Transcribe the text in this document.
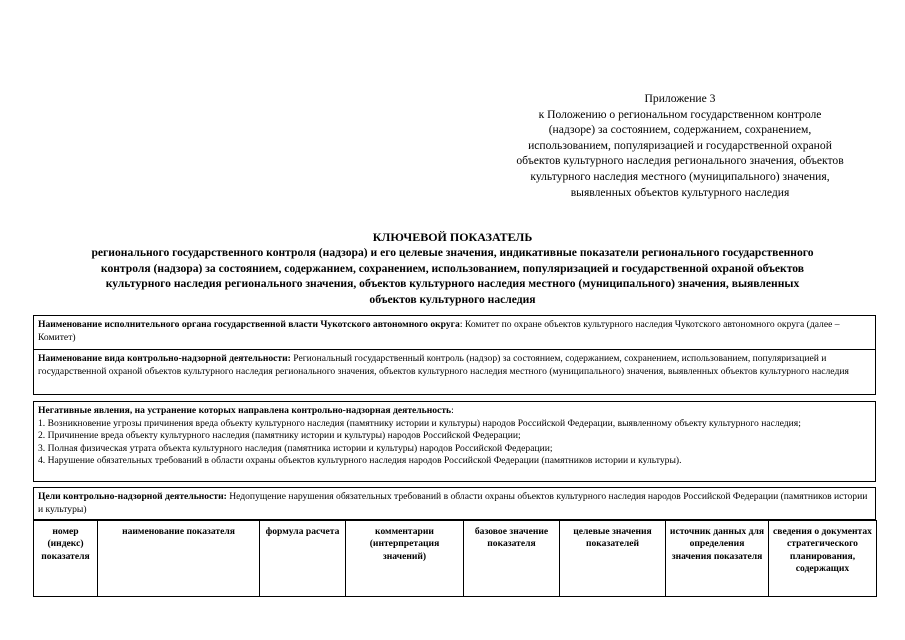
Приложение 3
к Положению о региональном государственном контроле
(надзоре) за состоянием, содержанием, сохранением,
использованием, популяризацией и государственной охраной
объектов культурного наследия регионального значения, объектов
культурного наследия местного (муниципального) значения,
выявленных объектов культурного наследия
КЛЮЧЕВОЙ ПОКАЗАТЕЛЬ
регионального государственного контроля (надзора) и его целевые значения, индикативные показатели регионального государственного
контроля (надзора) за состоянием, содержанием, сохранением, использованием, популяризацией и государственной охраной объектов
культурного наследия регионального значения, объектов культурного наследия местного (муниципального) значения, выявленных
объектов культурного наследия
Наименование исполнительного органа государственной власти Чукотского автономного округа: Комитет по охране объектов культурного наследия Чукотского автономного округа (далее – Комитет)
Наименование вида контрольно-надзорной деятельности: Региональный государственный контроль (надзор) за состоянием, содержанием, сохранением, использованием, популяризацией и государственной охраной объектов культурного наследия регионального значения, объектов культурного наследия местного (муниципального) значения, выявленных объектов культурного наследия
Негативные явления, на устранение которых направлена контрольно-надзорная деятельность:
1. Возникновение угрозы причинения вреда объекту культурного наследия (памятнику истории и культуры) народов Российской Федерации, выявленному объекту культурного наследия;
2. Причинение вреда объекту культурного наследия (памятнику истории и культуры) народов Российской Федерации;
3. Полная физическая утрата объекта культурного наследия (памятника истории и культуры) народов Российской Федерации;
4. Нарушение обязательных требований в области охраны объектов культурного наследия народов Российской Федерации (памятников истории и культуры).
Цели контрольно-надзорной деятельности: Недопущение нарушения обязательных требований в области охраны объектов культурного наследия народов Российской Федерации (памятников истории и культуры)
номер (индекс) показателя	наименование показателя	формула расчета	комментарии (интерпретация значений)	базовое значение показателя	целевые значения показателей	источник данных для определения значения показателя	сведения о документах стратегического планирования, содержащих
